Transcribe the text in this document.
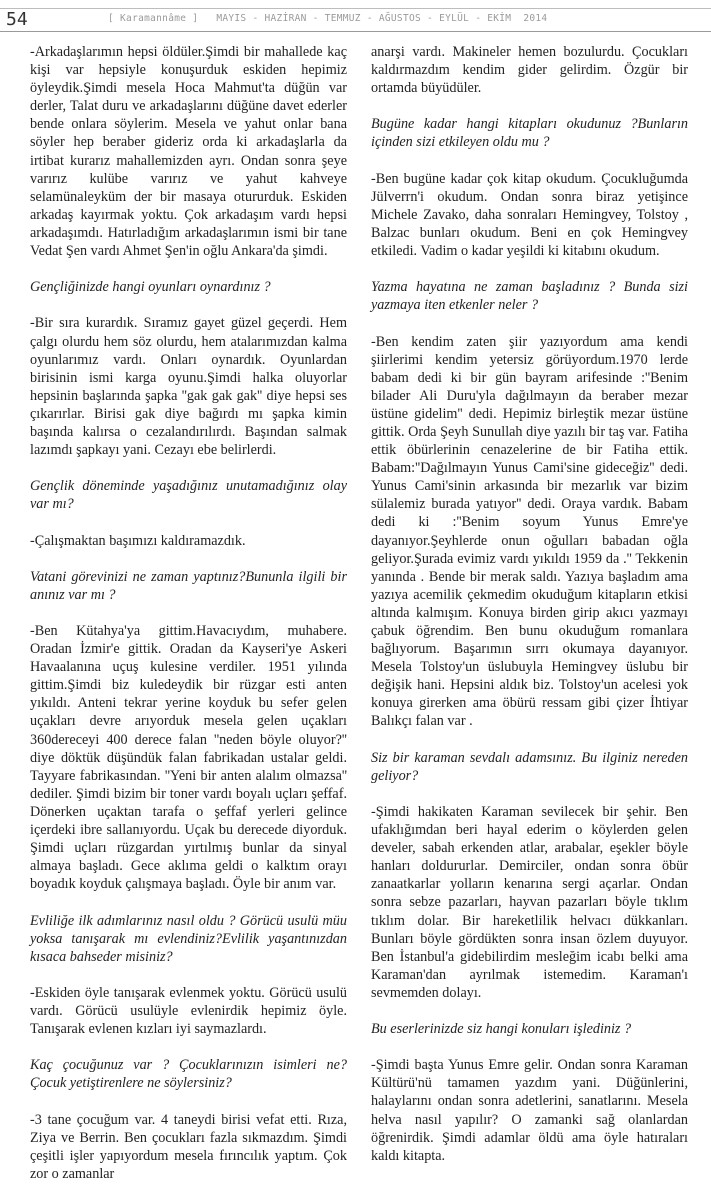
54	[ Karamannâme ]   MAYIS - HAZİRAN - TEMMUZ - AĞUSTOS - EYLÜL - EKİM  2014

-Arkadaşlarımın hepsi öldüler.Şimdi bir mahallede kaç kişi var hepsiyle konuşurduk eskiden hepimiz öyleydik.Şimdi mesela Hoca Mahmut'ta düğün var derler, Talat duru ve arkadaşlarını düğüne davet ederler bende onlara söylerim. Mesela ve yahut onlar bana söyler hep beraber gideriz orda ki arkadaşlarla da irtibat kurarız mahallemizden ayrı. Ondan sonra şeye varırız kulübe varırız ve yahut kahveye selamünaleyküm der bir masaya otururduk. Eskiden arkadaş kayırmak yoktu. Çok arkadaşım vardı hepsi arkadaşımdı. Hatırladığım arkadaşlarımın ismi bir tane Vedat Şen vardı Ahmet Şen'in oğlu Ankara'da şimdi.

Gençliğinizde hangi oyunları oynardınız ?

-Bir sıra kurardık. Sıramız gayet güzel geçerdi. Hem çalgı olurdu hem söz olurdu, hem atalarımızdan kalma oyunlarımız vardı. Onları oynardık. Oyunlardan birisinin ismi karga oyunu.Şimdi halka oluyorlar hepsinin başlarında şapka ''gak gak gak'' diye hepsi ses çıkarırlar. Birisi gak diye bağırdı mı şapka kimin başında kalırsa o cezalandırılırdı. Başından salmak lazımdı şapkayı yani. Cezayı ebe belirlerdi.

Gençlik döneminde yaşadığınız unutamadığınız olay var mı?

-Çalışmaktan başımızı kaldıramazdık.

Vatani görevinizi ne zaman yaptınız?Bununla ilgili bir anınız var mı ?

-Ben Kütahya'ya gittim.Havacıydım, muhabere. Oradan İzmir'e gittik. Oradan da Kayseri'ye Askeri Havaalanına uçuş kulesine verdiler. 1951 yılında gittim.Şimdi biz kuledeydik bir rüzgar esti anten yıkıldı. Anteni tekrar yerine koyduk bu sefer gelen uçakları devre arıyorduk mesela gelen uçakları 360dereceyi 400 derece falan ''neden böyle oluyor?'' diye döktük düşündük falan fabrikadan ustalar geldi. Tayyare fabrikasından. ''Yeni bir anten alalım olmazsa'' dediler. Şimdi bizim bir toner vardı boyalı uçları şeffaf. Dönerken uçaktan tarafa o şeffaf yerleri gelince içerdeki ibre sallanıyordu. Uçak bu derecede diyorduk. Şimdi uçları rüzgardan yırtılmış bunlar da sinyal almaya başladı. Gece aklıma geldi o kalktım orayı boyadık koyduk çalışmaya başladı. Öyle bir anım var.

Evliliğe ilk adımlarınız nasıl oldu ? Görücü usulü müu yoksa tanışarak mı evlendiniz?Evlilik yaşantınızdan kısaca bahseder misiniz?

-Eskiden öyle tanışarak evlenmek yoktu. Görücü usulü vardı. Görücü usulüyle evlenirdik hepimiz öyle. Tanışarak evlenen kızları iyi saymazlardı.

Kaç çocuğunuz var ? Çocuklarınızın isimleri ne? Çocuk yetiştirenlere ne söylersiniz?

-3 tane çocuğum var. 4 taneydi birisi vefat etti. Rıza, Ziya ve Berrin. Ben çocukları fazla sıkmazdım. Şimdi çeşitli işler yapıyordum mesela fırıncılık yaptım. Çok zor o zamanlar

anarşi vardı. Makineler hemen bozulurdu. Çocukları kaldırmazdım kendim gider gelirdim. Özgür bir ortamda büyüdüler.

Bugüne kadar hangi kitapları okudunuz ?Bunların içinden sizi etkileyen oldu mu ?

-Ben bugüne kadar çok kitap okudum. Çocukluğumda Jülverrn'i okudum. Ondan sonra biraz yetişince Michele Zavako, daha sonraları Hemingvey, Tolstoy , Balzac bunları okudum. Beni en çok Hemingvey etkiledi. Vadim o kadar yeşildi ki kitabını okudum.

Yazma hayatına ne zaman başladınız ? Bunda sizi yazmaya iten etkenler neler ?

-Ben kendim zaten şiir yazıyordum ama kendi şiirlerimi kendim yetersiz görüyordum.1970 lerde babam dedi ki bir gün bayram arifesinde :''Benim bilader Ali Duru'yla dağılmayın da beraber mezar üstüne gidelim'' dedi. Hepimiz birleştik mezar üstüne gittik. Orda Şeyh Sunullah diye yazılı bir taş var. Fatiha ettik öbürlerinin cenazelerine de bir Fatiha ettik. Babam:''Dağılmayın Yunus Cami'sine gideceğiz'' dedi. Yunus Cami'sinin arkasında bir mezarlık var bizim sülalemiz burada yatıyor'' dedi. Oraya vardık. Babam dedi ki :''Benim soyum Yunus Emre'ye dayanıyor.Şeyhlerde onun oğulları babadan oğla geliyor.Şurada evimiz vardı yıkıldı 1959 da .'' Tekkenin yanında . Bende bir merak saldı. Yazıya başladım ama yazıya acemilik çekmedim okuduğum kitapların etkisi altında kalmışım. Konuya birden girip akıcı yazmayı çabuk öğrendim. Ben bunu okuduğum romanlara bağlıyorum. Başarımın sırrı okumaya dayanıyor. Mesela Tolstoy'un üslubuyla Hemingvey üslubu bir değişik hani. Hepsini aldık biz. Tolstoy'un acelesi yok konuya girerken ama öbürü ressam gibi çizer İhtiyar Balıkçı falan var .

Siz bir karaman sevdalı adamsınız. Bu ilginiz nereden geliyor?

-Şimdi hakikaten Karaman sevilecek bir şehir. Ben ufaklığımdan beri hayal ederim o köylerden gelen develer, sabah erkenden atlar, arabalar, eşekler böyle hanları doldururlar. Demirciler, ondan sonra öbür zanaatkarlar yolların kenarına sergi açarlar. Ondan sonra sebze pazarları, hayvan pazarları böyle tıklım tıklım dolar. Bir hareketlilik helvacı dükkanları. Bunları böyle gördükten sonra insan özlem duyuyor. Ben İstanbul'a gidebilirdim mesleğim icabı belki ama Karaman'dan ayrılmak istemedim. Karaman'ı sevmemden dolayı.

Bu eserlerinizde siz hangi konuları işlediniz ?

-Şimdi başta Yunus Emre gelir. Ondan sonra Karaman Kültürü'nü tamamen yazdım yani. Düğünlerini, halaylarını ondan sonra adetlerini, sanatlarını. Mesela helva nasıl yapılır? O zamanki sağ olanlardan öğrenirdik. Şimdi adamlar öldü ama öyle hatıraları kaldı kitapta.
